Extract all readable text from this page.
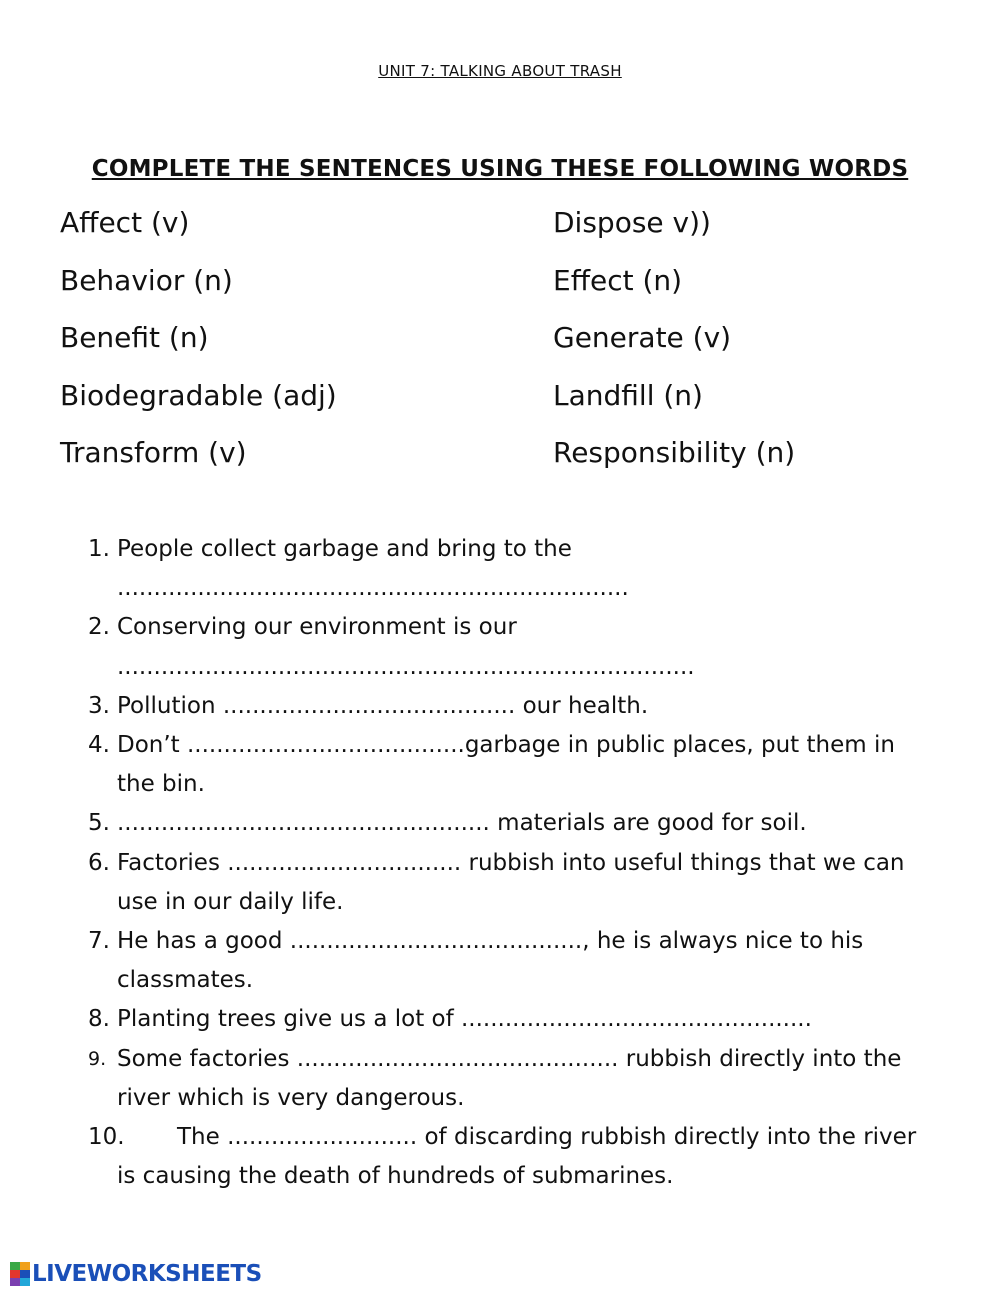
UNIT 7: TALKING ABOUT TRASH
COMPLETE THE SENTENCES USING THESE FOLLOWING WORDS
Affect (v)	Dispose v))
Behavior (n)	Effect (n)
Benefit (n)	Generate (v)
Biodegradable (adj)	Landfill (n)
Transform (v)	Responsibility (n)
1. People collect garbage and bring to the ......................................................................
2. Conserving our environment is our ...............................................................................
3. Pollution ........................................ our health.
4. Don’t ......................................garbage in public places, put them in the bin.
5. ................................................... materials are good for soil.
6. Factories ................................ rubbish into useful things that we can use in our daily life.
7. He has a good ........................................, he is always nice to his classmates.
8. Planting trees give us a lot of ................................................
9. Some factories ............................................ rubbish directly into the river which is very dangerous.
10.	The .......................... of discarding rubbish directly into the river is causing the death of hundreds of submarines.
LIVEWORKSHEETS
